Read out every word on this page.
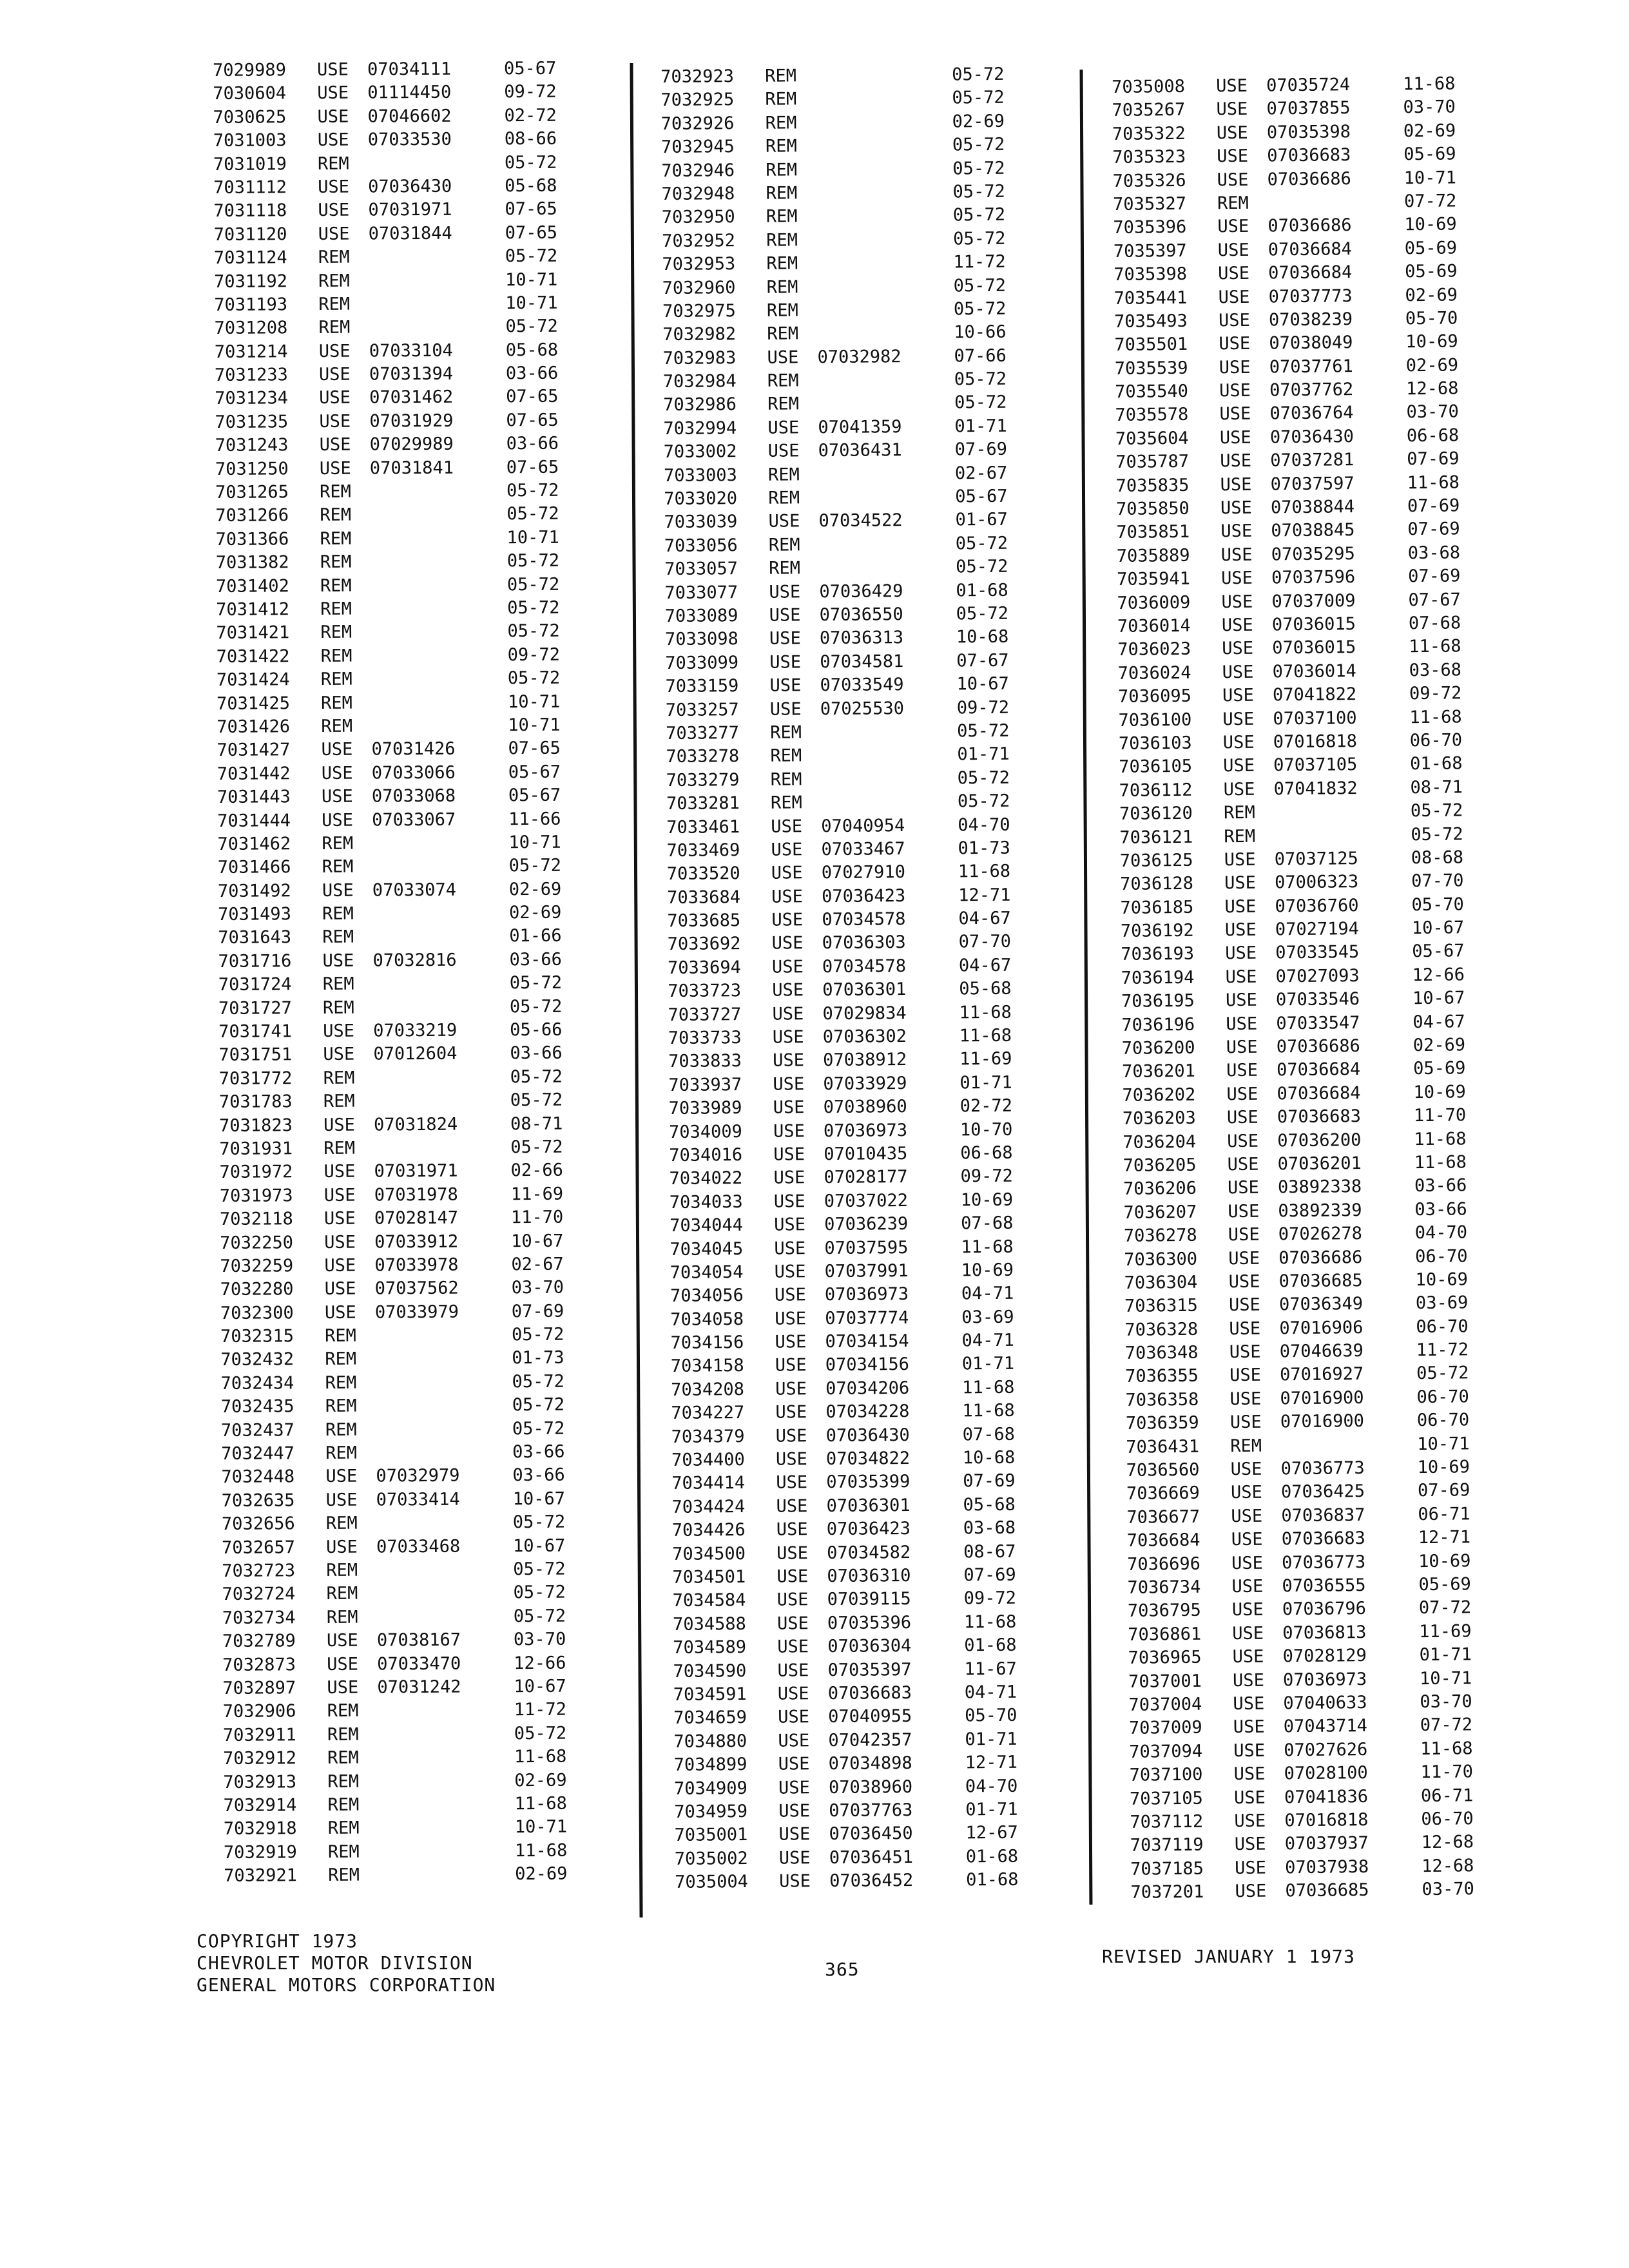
7029989 USE 07034111	05-67
7030604 USE 01114450	09-72
7030625 USE 07046602	02-72
7031003 USE 07033530	08-66
7031019 REM	05-72
7031112 USE 07036430	05-68
7031118 USE 07031971	07-65
7031120 USE 07031844	07-65
7031124 REM	05-72
7031192 REM	10-71
7031193 REM	10-71
7031208 REM	05-72
7031214 USE 07033104	05-68
7031233 USE 07031394	03-66
7031234 USE 07031462	07-65
7031235 USE 07031929	07-65
7031243 USE 07029989	03-66
7031250 USE 07031841	07-65
7031265 REM	05-72
7031266 REM	05-72
7031366 REM	10-71
7031382 REM	05-72
7031402 REM	05-72
7031412 REM	05-72
7031421 REM	05-72
7031422 REM	09-72
7031424 REM	05-72
7031425 REM	10-71
7031426 REM	10-71
7031427 USE 07031426	07-65
7031442 USE 07033066	05-67
7031443 USE 07033068	05-67
7031444 USE 07033067	11-66
7031462 REM	10-71
7031466 REM	05-72
7031492 USE 07033074	02-69
7031493 REM	02-69
7031643 REM	01-66
7031716 USE 07032816	03-66
7031724 REM	05-72
7031727 REM	05-72
7031741 USE 07033219	05-66
7031751 USE 07012604	03-66
7031772 REM	05-72
7031783 REM	05-72
7031823 USE 07031824	08-71
7031931 REM	05-72
7031972 USE 07031971	02-66
7031973 USE 07031978	11-69
7032118 USE 07028147	11-70
7032250 USE 07033912	10-67
7032259 USE 07033978	02-67
7032280 USE 07037562	03-70
7032300 USE 07033979	07-69
7032315 REM	05-72
7032432 REM	01-73
7032434 REM	05-72
7032435 REM	05-72
7032437 REM	05-72
7032447 REM	03-66
7032448 USE 07032979	03-66
7032635 USE 07033414	10-67
7032656 REM	05-72
7032657 USE 07033468	10-67
7032723 REM	05-72
7032724 REM	05-72
7032734 REM	05-72
7032789 USE 07038167	03-70
7032873 USE 07033470	12-66
7032897 USE 07031242	10-67
7032906 REM	11-72
7032911 REM	05-72
7032912 REM	11-68
7032913 REM	02-69
7032914 REM	11-68
7032918 REM	10-71
7032919 REM	11-68
7032921 REM	02-69
7032923 REM	05-72
7032925 REM	05-72
7032926 REM	02-69
7032945 REM	05-72
7032946 REM	05-72
7032948 REM	05-72
7032950 REM	05-72
7032952 REM	05-72
7032953 REM	11-72
7032960 REM	05-72
7032975 REM	05-72
7032982 REM	10-66
7032983 USE 07032982	07-66
7032984 REM	05-72
7032986 REM	05-72
7032994 USE 07041359	01-71
7033002 USE 07036431	07-69
7033003 REM	02-67
7033020 REM	05-67
7033039 USE 07034522	01-67
7033056 REM	05-72
7033057 REM	05-72
7033077 USE 07036429	01-68
7033089 USE 07036550	05-72
7033098 USE 07036313	10-68
7033099 USE 07034581	07-67
7033159 USE 07033549	10-67
7033257 USE 07025530	09-72
7033277 REM	05-72
7033278 REM	01-71
7033279 REM	05-72
7033281 REM	05-72
7033461 USE 07040954	04-70
7033469 USE 07033467	01-73
7033520 USE 07027910	11-68
7033684 USE 07036423	12-71
7033685 USE 07034578	04-67
7033692 USE 07036303	07-70
7033694 USE 07034578	04-67
7033723 USE 07036301	05-68
7033727 USE 07029834	11-68
7033733 USE 07036302	11-68
7033833 USE 07038912	11-69
7033937 USE 07033929	01-71
7033989 USE 07038960	02-72
7034009 USE 07036973	10-70
7034016 USE 07010435	06-68
7034022 USE 07028177	09-72
7034033 USE 07037022	10-69
7034044 USE 07036239	07-68
7034045 USE 07037595	11-68
7034054 USE 07037991	10-69
7034056 USE 07036973	04-71
7034058 USE 07037774	03-69
7034156 USE 07034154	04-71
7034158 USE 07034156	01-71
7034208 USE 07034206	11-68
7034227 USE 07034228	11-68
7034379 USE 07036430	07-68
7034400 USE 07034822	10-68
7034414 USE 07035399	07-69
7034424 USE 07036301	05-68
7034426 USE 07036423	03-68
7034500 USE 07034582	08-67
7034501 USE 07036310	07-69
7034584 USE 07039115	09-72
7034588 USE 07035396	11-68
7034589 USE 07036304	01-68
7034590 USE 07035397	11-67
7034591 USE 07036683	04-71
7034659 USE 07040955	05-70
7034880 USE 07042357	01-71
7034899 USE 07034898	12-71
7034909 USE 07038960	04-70
7034959 USE 07037763	01-71
7035001 USE 07036450	12-67
7035002 USE 07036451	01-68
7035004 USE 07036452	01-68
7035008 USE 07035724	11-68
7035267 USE 07037855	03-70
7035322 USE 07035398	02-69
7035323 USE 07036683	05-69
7035326 USE 07036686	10-71
7035327 REM	07-72
7035396 USE 07036686	10-69
7035397 USE 07036684	05-69
7035398 USE 07036684	05-69
7035441 USE 07037773	02-69
7035493 USE 07038239	05-70
7035501 USE 07038049	10-69
7035539 USE 07037761	02-69
7035540 USE 07037762	12-68
7035578 USE 07036764	03-70
7035604 USE 07036430	06-68
7035787 USE 07037281	07-69
7035835 USE 07037597	11-68
7035850 USE 07038844	07-69
7035851 USE 07038845	07-69
7035889 USE 07035295	03-68
7035941 USE 07037596	07-69
7036009 USE 07037009	07-67
7036014 USE 07036015	07-68
7036023 USE 07036015	11-68
7036024 USE 07036014	03-68
7036095 USE 07041822	09-72
7036100 USE 07037100	11-68
7036103 USE 07016818	06-70
7036105 USE 07037105	01-68
7036112 USE 07041832	08-71
7036120 REM	05-72
7036121 REM	05-72
7036125 USE 07037125	08-68
7036128 USE 07006323	07-70
7036185 USE 07036760	05-70
7036192 USE 07027194	10-67
7036193 USE 07033545	05-67
7036194 USE 07027093	12-66
7036195 USE 07033546	10-67
7036196 USE 07033547	04-67
7036200 USE 07036686	02-69
7036201 USE 07036684	05-69
7036202 USE 07036684	10-69
7036203 USE 07036683	11-70
7036204 USE 07036200	11-68
7036205 USE 07036201	11-68
7036206 USE 03892338	03-66
7036207 USE 03892339	03-66
7036278 USE 07026278	04-70
7036300 USE 07036686	06-70
7036304 USE 07036685	10-69
7036315 USE 07036349	03-69
7036328 USE 07016906	06-70
7036348 USE 07046639	11-72
7036355 USE 07016927	05-72
7036358 USE 07016900	06-70
7036359 USE 07016900	06-70
7036431 REM	10-71
7036560 USE 07036773	10-69
7036669 USE 07036425	07-69
7036677 USE 07036837	06-71
7036684 USE 07036683	12-71
7036696 USE 07036773	10-69
7036734 USE 07036555	05-69
7036795 USE 07036796	07-72
7036861 USE 07036813	11-69
7036965 USE 07028129	01-71
7037001 USE 07036973	10-71
7037004 USE 07040633	03-70
7037009 USE 07043714	07-72
7037094 USE 07027626	11-68
7037100 USE 07028100	11-70
7037105 USE 07041836	06-71
7037112 USE 07016818	06-70
7037119 USE 07037937	12-68
7037185 USE 07037938	12-68
7037201 USE 07036685	03-70
COPYRIGHT 1973
CHEVROLET MOTOR DIVISION
GENERAL MOTORS CORPORATION
365
REVISED JANUARY 1 1973
